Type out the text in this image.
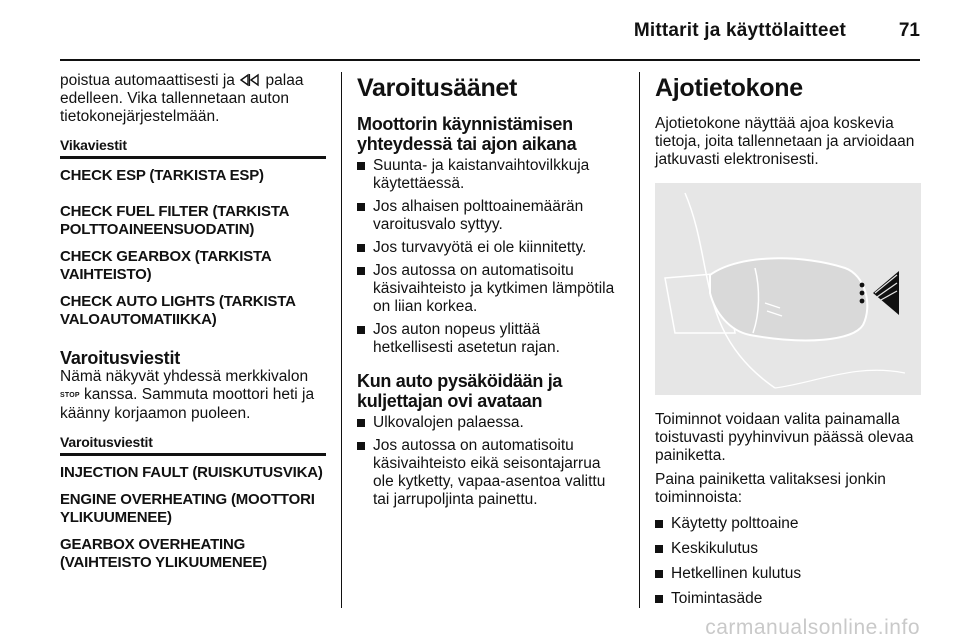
Mittarit ja käyttölaitteet	71

poistua automaattisesti ja palaa
edelleen. Vika tallennetaan auton
tietokonejärjestelmään.

Vikaviestit
CHECK ESP (TARKISTA ESP)
CHECK FUEL FILTER (TARKISTA POLTTOAINEENSUODATIN)
CHECK GEARBOX (TARKISTA VAIHTEISTO)
CHECK AUTO LIGHTS (TARKISTA VALOAUTOMATIIKKA)
Varoitusviestit

Nämä näkyvät yhdessä merkkivalon
STOP kanssa. Sammuta moottori heti ja
käänny korjaamon puoleen.

Varoitusviestit
INJECTION FAULT (RUISKUTUSVIKA)
ENGINE OVERHEATING (MOOTTORI YLIKUUMENEE)
GEARBOX OVERHEATING (VAIHTEISTO YLIKUUMENEE)
Varoitusäänet
Moottorin käynnistämisen yhteydessä tai ajon aikana
Suunta- ja kaistanvaihtovilkkuja käytettäessä.
Jos alhaisen polttoainemäärän varoitusvalo syttyy.
Jos turvavyötä ei ole kiinnitetty.
Jos autossa on automatisoitu käsivaihteisto ja kytkimen lämpötila on liian korkea.
Jos auton nopeus ylittää hetkellisesti asetetun rajan.
Kun auto pysäköidään ja kuljettajan ovi avataan
Ulkovalojen palaessa.
Jos autossa on automatisoitu käsivaihteisto eikä seisontajarrua ole kytketty, vapaa-asentoa valittu tai jarrupoljinta painettu.
Ajotietokone

Ajotietokone näyttää ajoa koskevia tietoja, joita tallennetaan ja arvioidaan jatkuvasti elektronisesti.

Toiminnot voidaan valita painamalla toistuvasti pyyhinvivun päässä olevaa painiketta.

Paina painiketta valitaksesi jonkin toiminnoista:

Käytetty polttoaine
Keskikulutus
Hetkellinen kulutus
Toimintasäde
carmanualsonline.info
